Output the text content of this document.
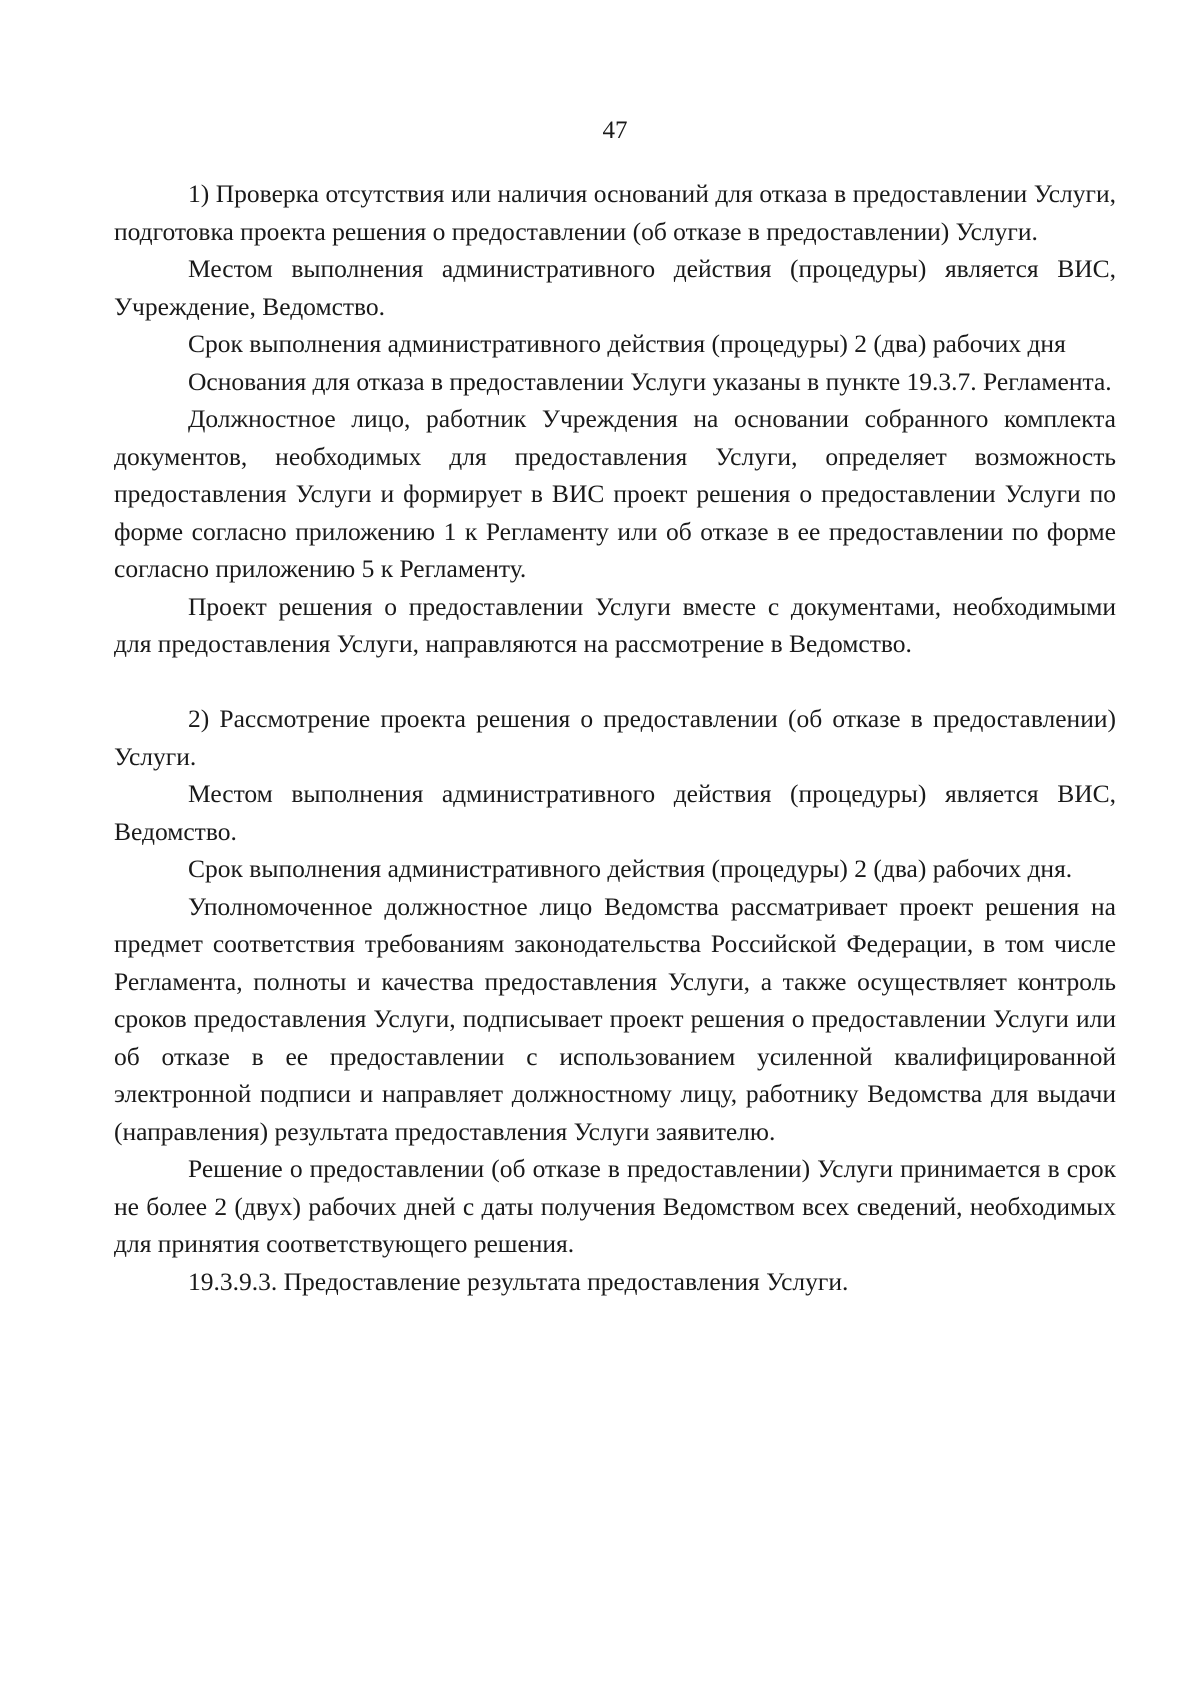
47

1) Проверка отсутствия или наличия оснований для отказа в предоставлении Услуги, подготовка проекта решения о предоставлении (об отказе в предоставлении) Услуги.

Местом выполнения административного действия (процедуры) является ВИС, Учреждение, Ведомство.

Срок выполнения административного действия (процедуры) 2 (два) рабочих дня

Основания для отказа в предоставлении Услуги указаны в пункте 19.3.7. Регламента.

Должностное лицо, работник Учреждения на основании собранного комплекта документов, необходимых для предоставления Услуги, определяет возможность предоставления Услуги и формирует в ВИС проект решения о предоставлении Услуги по форме согласно приложению 1 к Регламенту или об отказе в ее предоставлении по форме согласно приложению 5 к Регламенту.

Проект решения о предоставлении Услуги вместе с документами, необходимыми для предоставления Услуги, направляются на рассмотрение в Ведомство.

2) Рассмотрение проекта решения о предоставлении (об отказе в предоставлении) Услуги.

Местом выполнения административного действия (процедуры) является ВИС, Ведомство.

Срок выполнения административного действия (процедуры) 2 (два) рабочих дня.

Уполномоченное должностное лицо Ведомства рассматривает проект решения на предмет соответствия требованиям законодательства Российской Федерации, в том числе Регламента, полноты и качества предоставления Услуги, а также осуществляет контроль сроков предоставления Услуги, подписывает проект решения о предоставлении Услуги или об отказе в ее предоставлении с использованием усиленной квалифицированной электронной подписи и направляет должностному лицу, работнику Ведомства для выдачи (направления) результата предоставления Услуги заявителю.

Решение о предоставлении (об отказе в предоставлении) Услуги принимается в срок не более 2 (двух) рабочих дней с даты получения Ведомством всех сведений, необходимых для принятия соответствующего решения.

19.3.9.3. Предоставление результата предоставления Услуги.
